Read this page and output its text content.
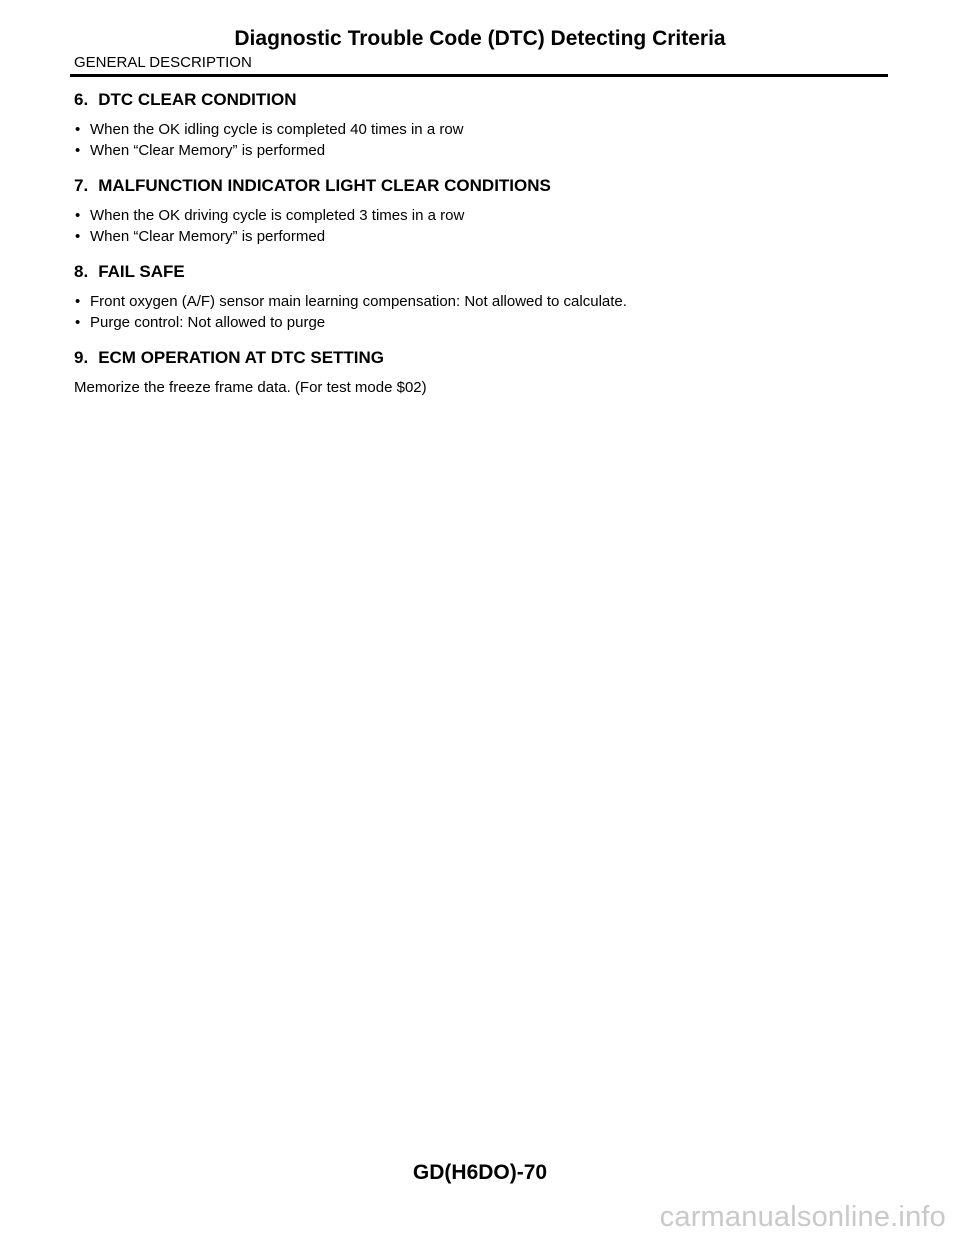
Diagnostic Trouble Code (DTC) Detecting Criteria
GENERAL DESCRIPTION
6. DTC CLEAR CONDITION
• When the OK idling cycle is completed 40 times in a row
• When “Clear Memory” is performed
7. MALFUNCTION INDICATOR LIGHT CLEAR CONDITIONS
• When the OK driving cycle is completed 3 times in a row
• When “Clear Memory” is performed
8. FAIL SAFE
• Front oxygen (A/F) sensor main learning compensation: Not allowed to calculate.
• Purge control: Not allowed to purge
9. ECM OPERATION AT DTC SETTING

Memorize the freeze frame data. (For test mode $02)

GD(H6DO)-70
carmanualsonline.info
